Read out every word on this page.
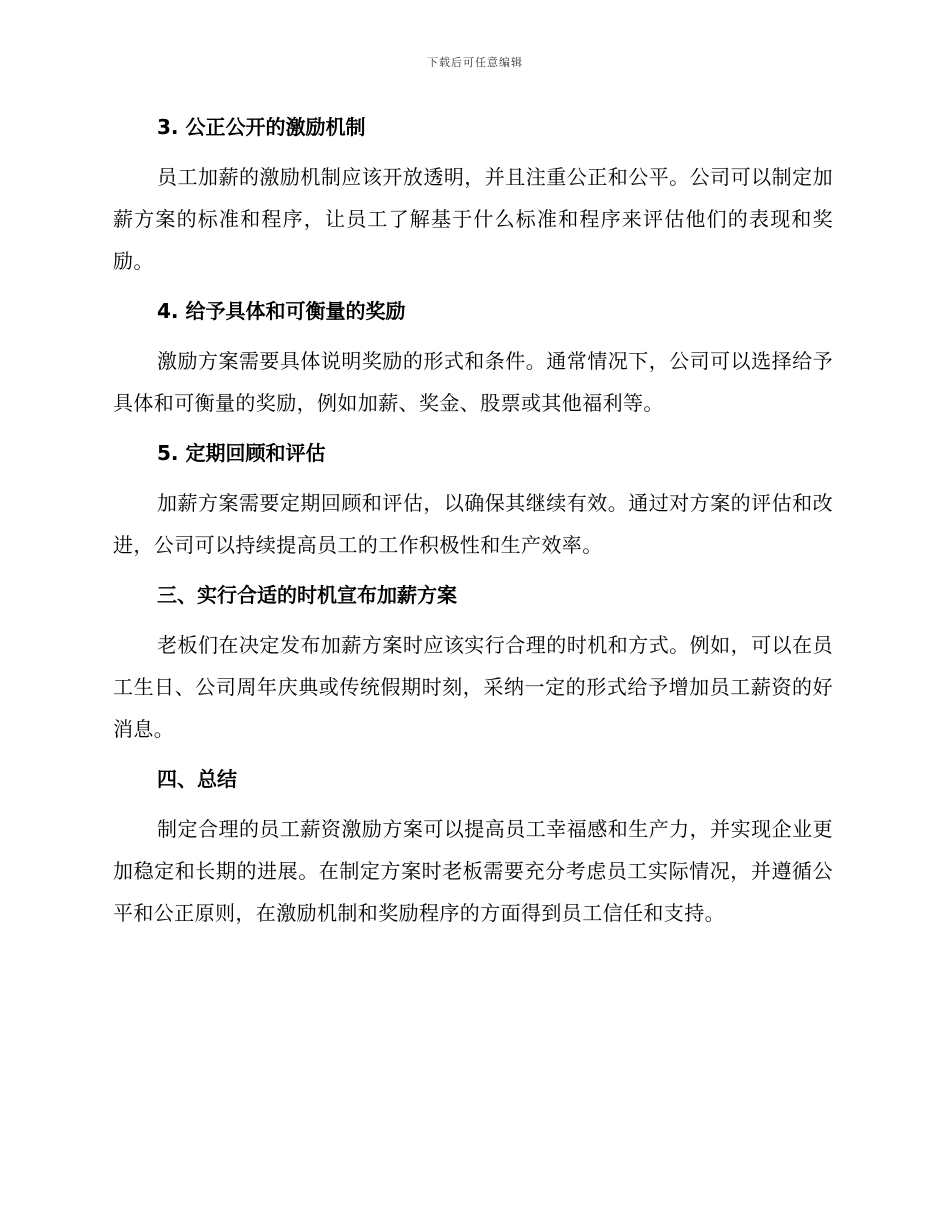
下载后可任意编辑
3. 公正公开的激励机制

员工加薪的激励机制应该开放透明，并且注重公正和公平。公司可以制定加薪方案的标准和程序，让员工了解基于什么标准和程序来评估他们的表现和奖励。

4. 给予具体和可衡量的奖励

激励方案需要具体说明奖励的形式和条件。通常情况下，公司可以选择给予具体和可衡量的奖励，例如加薪、奖金、股票或其他福利等。

5. 定期回顾和评估

加薪方案需要定期回顾和评估，以确保其继续有效。通过对方案的评估和改进，公司可以持续提高员工的工作积极性和生产效率。

三、实行合适的时机宣布加薪方案

老板们在决定发布加薪方案时应该实行合理的时机和方式。例如，可以在员工生日、公司周年庆典或传统假期时刻，采纳一定的形式给予增加员工薪资的好消息。

四、总结

制定合理的员工薪资激励方案可以提高员工幸福感和生产力，并实现企业更加稳定和长期的进展。在制定方案时老板需要充分考虑员工实际情况，并遵循公平和公正原则，在激励机制和奖励程序的方面得到员工信任和支持。
